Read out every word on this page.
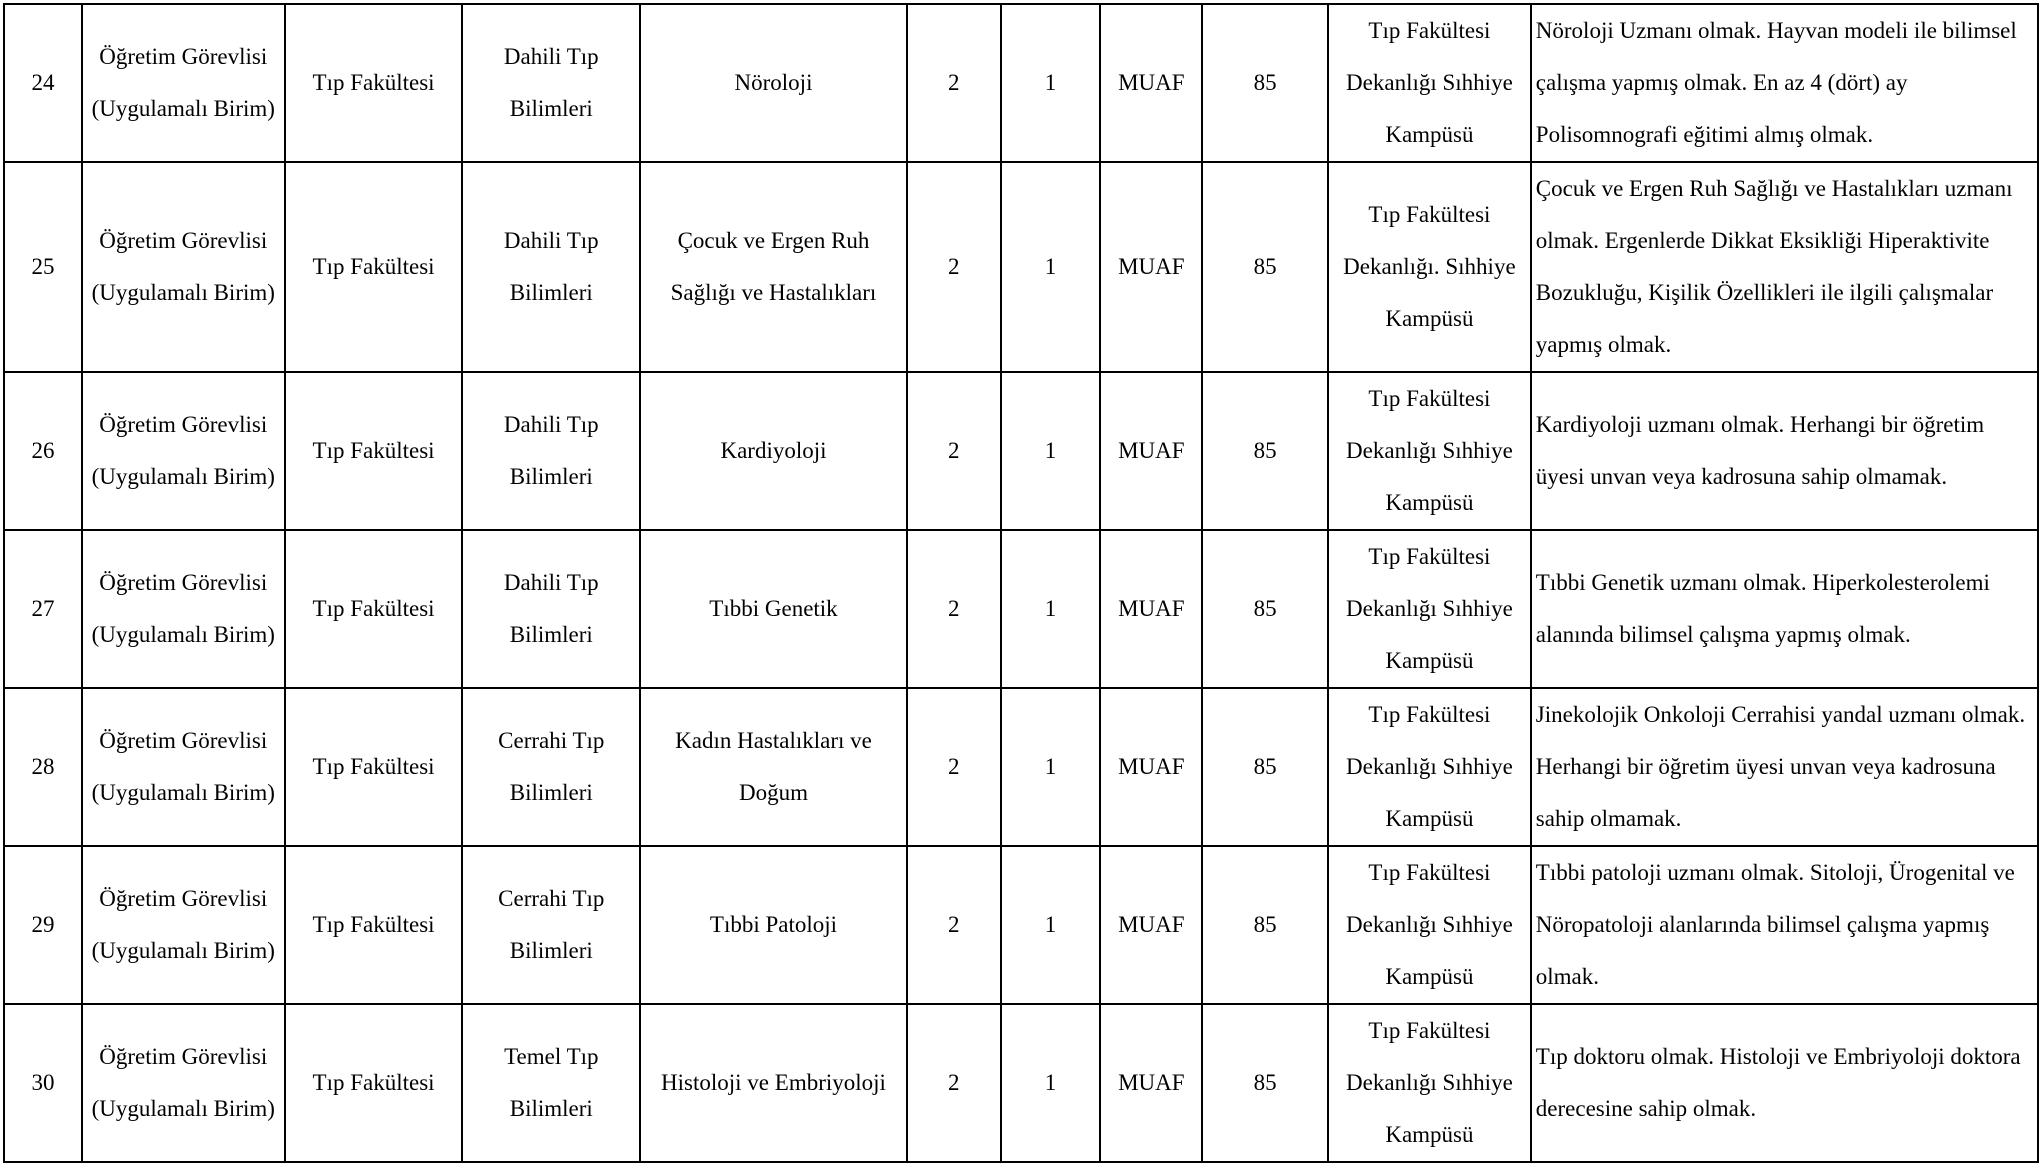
24	Öğretim Görevlisi (Uygulamalı Birim)	Tıp Fakültesi	Dahili Tıp Bilimleri	Nöroloji	2	1	MUAF	85	Tıp Fakültesi Dekanlığı Sıhhiye Kampüsü	Nöroloji Uzmanı olmak. Hayvan modeli ile bilimsel çalışma yapmış olmak. En az 4 (dört) ay Polisomnografi eğitimi almış olmak.
25	Öğretim Görevlisi (Uygulamalı Birim)	Tıp Fakültesi	Dahili Tıp Bilimleri	Çocuk ve Ergen Ruh Sağlığı ve Hastalıkları	2	1	MUAF	85	Tıp Fakültesi Dekanlığı. Sıhhiye Kampüsü	Çocuk ve Ergen Ruh Sağlığı ve Hastalıkları uzmanı olmak. Ergenlerde Dikkat Eksikliği Hiperaktivite Bozukluğu, Kişilik Özellikleri ile ilgili çalışmalar yapmış olmak.
26	Öğretim Görevlisi (Uygulamalı Birim)	Tıp Fakültesi	Dahili Tıp Bilimleri	Kardiyoloji	2	1	MUAF	85	Tıp Fakültesi Dekanlığı Sıhhiye Kampüsü	Kardiyoloji uzmanı olmak. Herhangi bir öğretim üyesi unvan veya kadrosuna sahip olmamak.
27	Öğretim Görevlisi (Uygulamalı Birim)	Tıp Fakültesi	Dahili Tıp Bilimleri	Tıbbi Genetik	2	1	MUAF	85	Tıp Fakültesi Dekanlığı Sıhhiye Kampüsü	Tıbbi Genetik uzmanı olmak. Hiperkolesterolemi alanında bilimsel çalışma yapmış olmak.
28	Öğretim Görevlisi (Uygulamalı Birim)	Tıp Fakültesi	Cerrahi Tıp Bilimleri	Kadın Hastalıkları ve Doğum	2	1	MUAF	85	Tıp Fakültesi Dekanlığı Sıhhiye Kampüsü	Jinekolojik Onkoloji Cerrahisi yandal uzmanı olmak. Herhangi bir öğretim üyesi unvan veya kadrosuna sahip olmamak.
29	Öğretim Görevlisi (Uygulamalı Birim)	Tıp Fakültesi	Cerrahi Tıp Bilimleri	Tıbbi Patoloji	2	1	MUAF	85	Tıp Fakültesi Dekanlığı Sıhhiye Kampüsü	Tıbbi patoloji uzmanı olmak. Sitoloji, Ürogenital ve Nöropatoloji alanlarında bilimsel çalışma yapmış olmak.
30	Öğretim Görevlisi (Uygulamalı Birim)	Tıp Fakültesi	Temel Tıp Bilimleri	Histoloji ve Embriyoloji	2	1	MUAF	85	Tıp Fakültesi Dekanlığı Sıhhiye Kampüsü	Tıp doktoru olmak. Histoloji ve Embriyoloji doktora derecesine sahip olmak.
